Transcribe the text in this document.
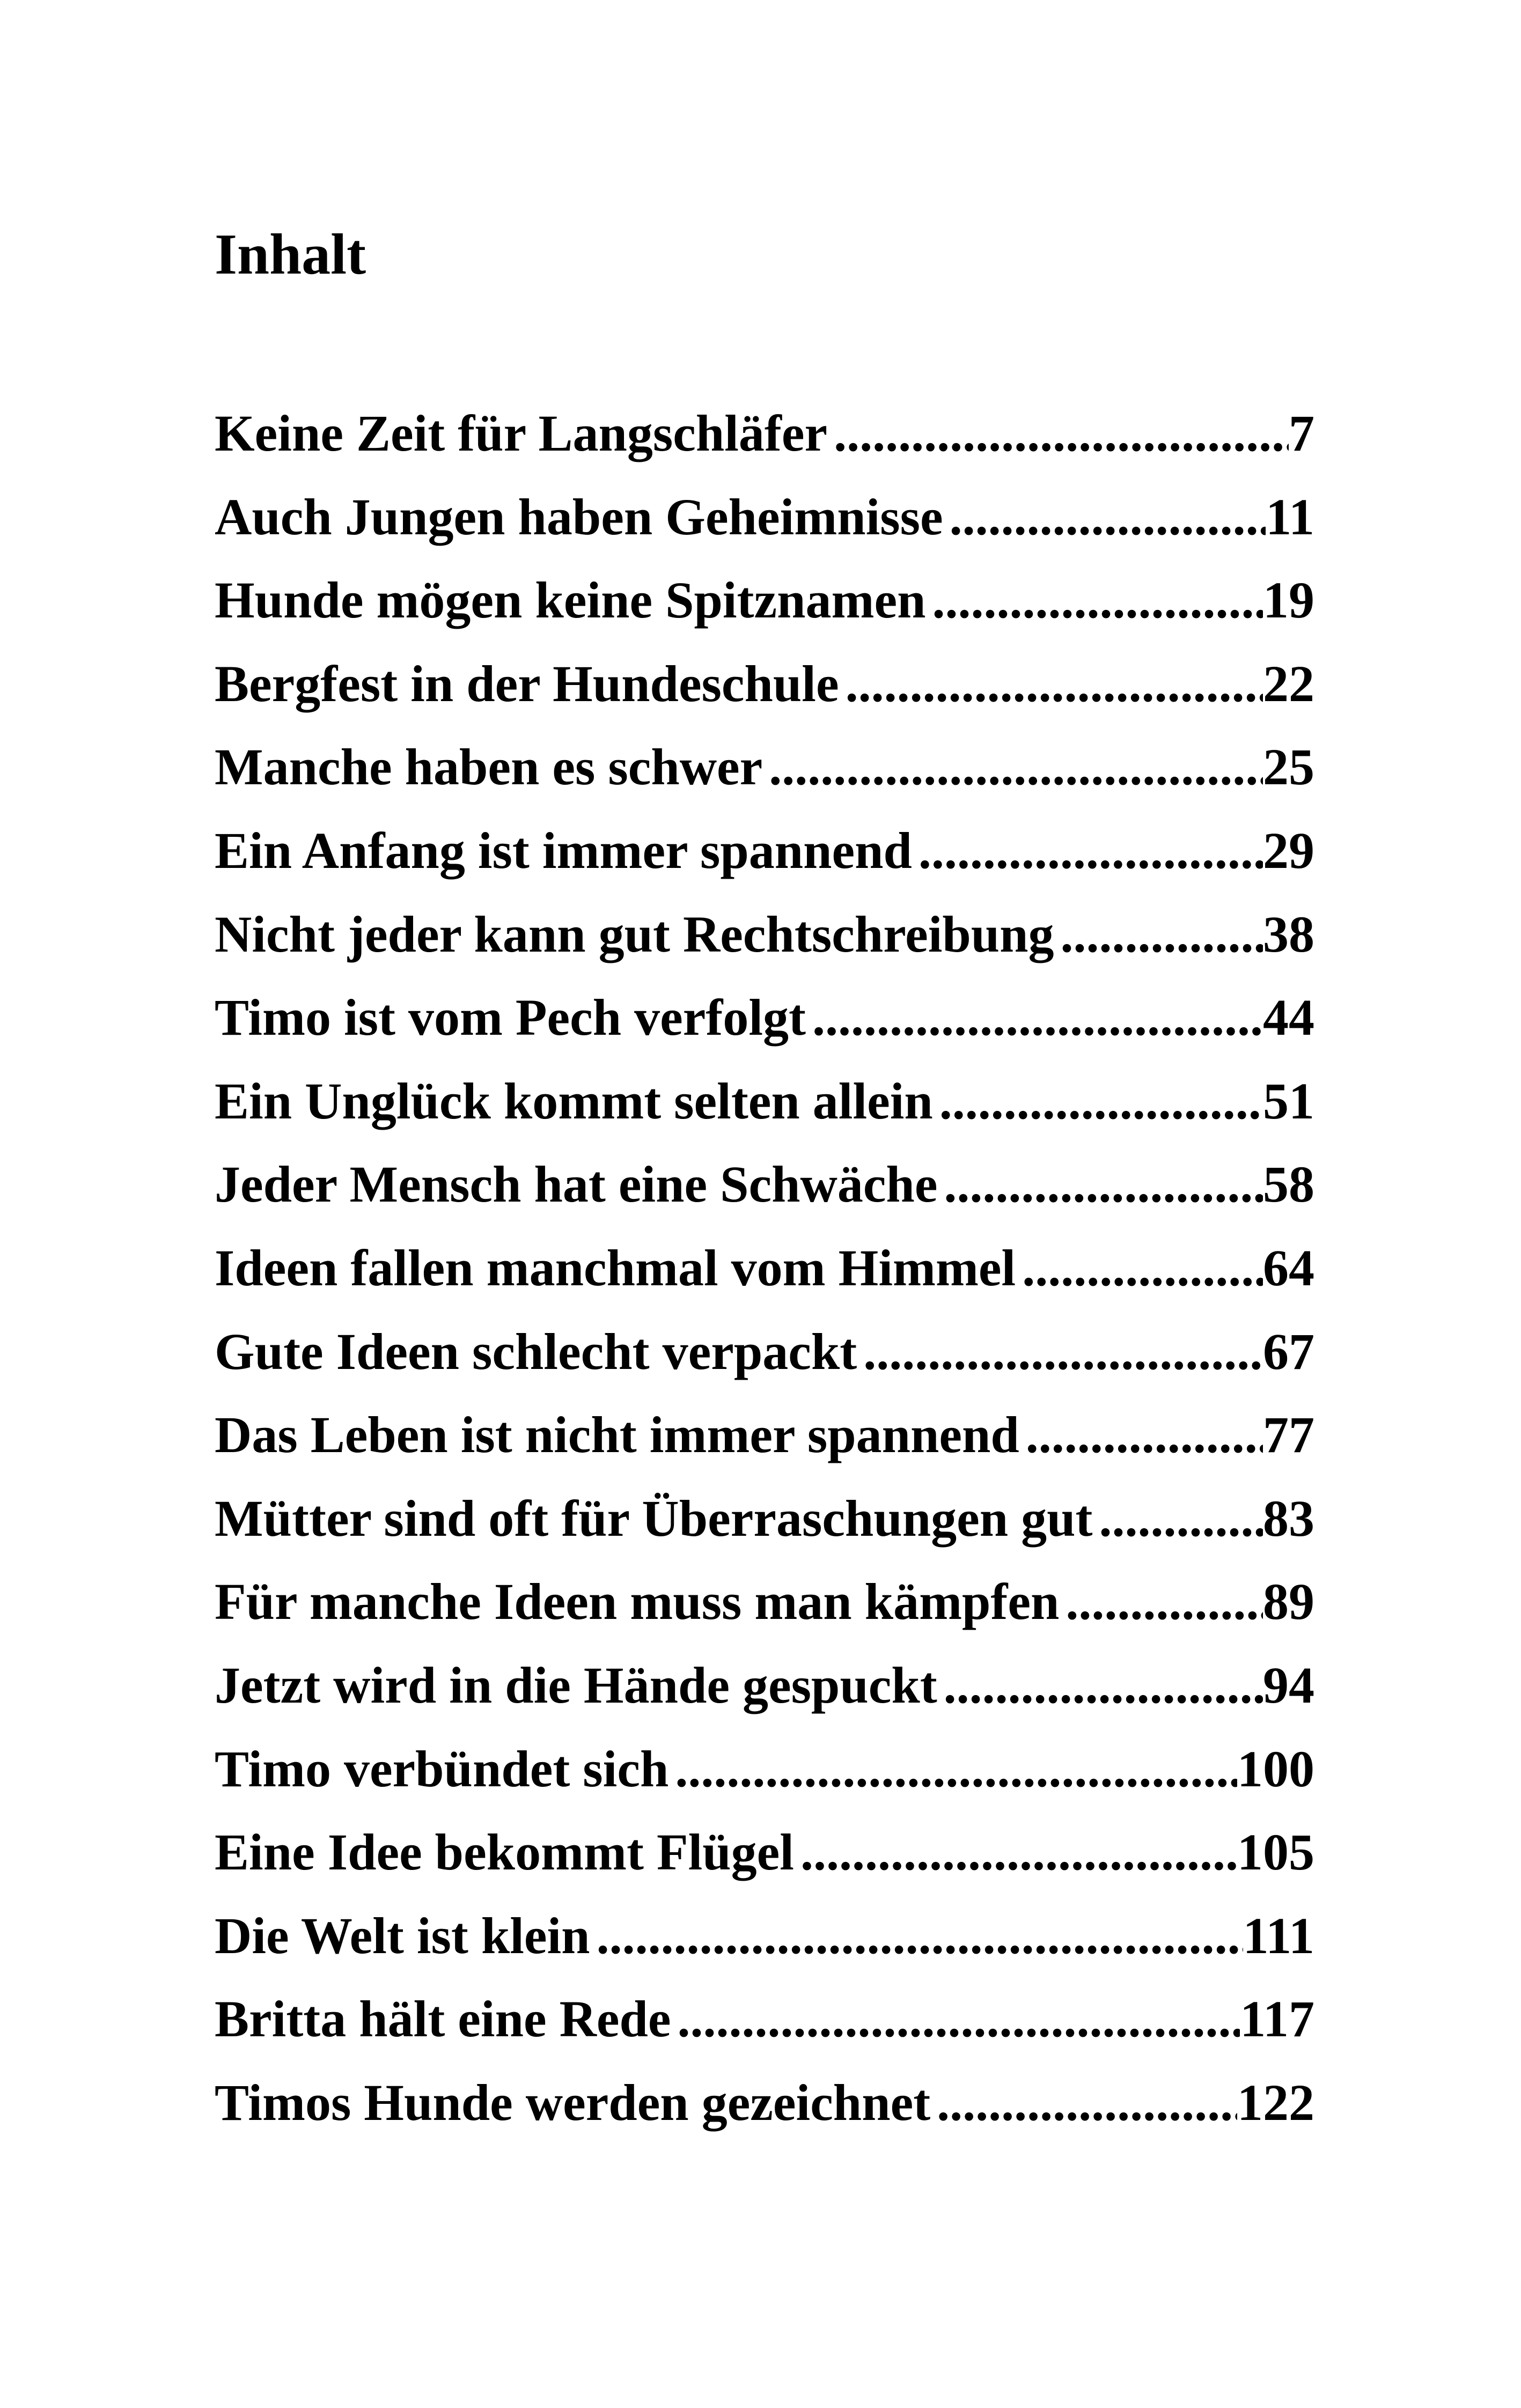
Inhalt
Keine Zeit für Langschläfer .....	7
Auch Jungen haben Geheimnisse .....	11
Hunde mögen keine Spitznamen .....	19
Bergfest in der Hundeschule .....	22
Manche haben es schwer .....	25
Ein Anfang ist immer spannend .....	29
Nicht jeder kann gut Rechtschreibung .....	38
Timo ist vom Pech verfolgt .....	44
Ein Unglück kommt selten allein .....	51
Jeder Mensch hat eine Schwäche .....	58
Ideen fallen manchmal vom Himmel .....	64
Gute Ideen schlecht verpackt .....	67
Das Leben ist nicht immer spannend .....	77
Mütter sind oft für Überraschungen gut .....	83
Für manche Ideen muss man kämpfen .....	89
Jetzt wird in die Hände gespuckt .....	94
Timo verbündet sich .....	100
Eine Idee bekommt Flügel .....	105
Die Welt ist klein .....	111
Britta hält eine Rede .....	117
Timos Hunde werden gezeichnet .....	122
